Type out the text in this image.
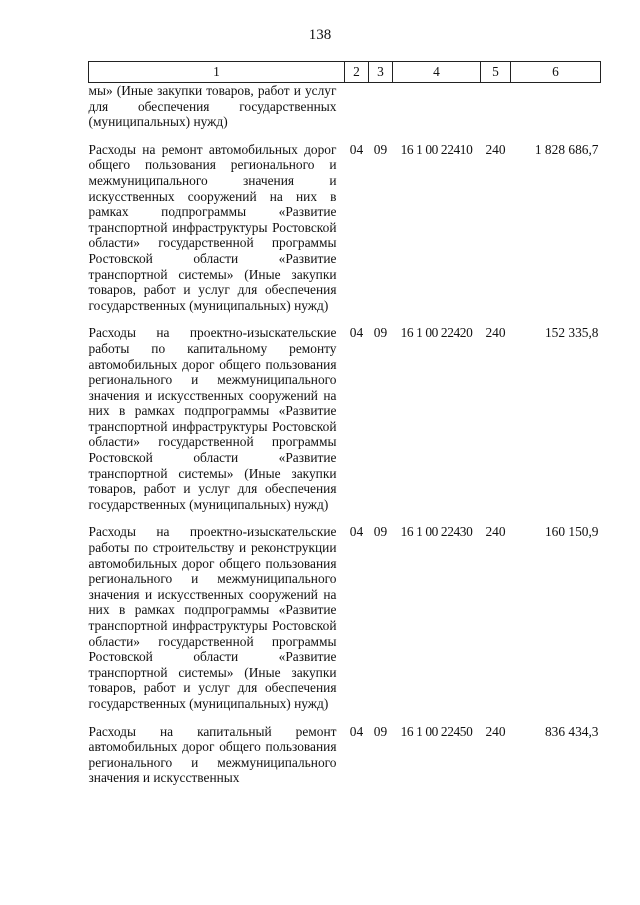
138
1	2	3	4	5	6
мы» (Иные закупки товаров, работ и услуг для обеспечения государственных (муниципальных) нужд)					
Расходы на ремонт автомобильных дорог общего пользования регионального и межмуниципального значения и искусственных сооружений на них в рамках подпрограммы «Развитие транспортной инфраструктуры Ростовской области» государственной программы Ростовской области «Развитие транспортной системы» (Иные закупки товаров, работ и услуг для обеспечения государственных (муниципальных) нужд)	04	09	16 1 00 22410	240	1 828 686,7
Расходы на проектно-изыскательские работы по капитальному ремонту автомобильных дорог общего пользования регионального и межмуниципального значения и искусственных сооружений на них в рамках подпрограммы «Развитие транспортной инфраструктуры Ростовской области» государственной программы Ростовской области «Развитие транспортной системы» (Иные закупки товаров, работ и услуг для обеспечения государственных (муниципальных) нужд)	04	09	16 1 00 22420	240	152 335,8
Расходы на проектно-изыскательские работы по строительству и реконструкции автомобильных дорог общего пользования регионального и межмуниципального значения и искусственных сооружений на них в рамках подпрограммы «Развитие транспортной инфраструктуры Ростовской области» государственной программы Ростовской области «Развитие транспортной системы» (Иные закупки товаров, работ и услуг для обеспечения государственных (муниципальных) нужд)	04	09	16 1 00 22430	240	160 150,9
Расходы на капитальный ремонт автомобильных дорог общего пользования регионального и межмуниципального значения и искусственных	04	09	16 1 00 22450	240	836 434,3
